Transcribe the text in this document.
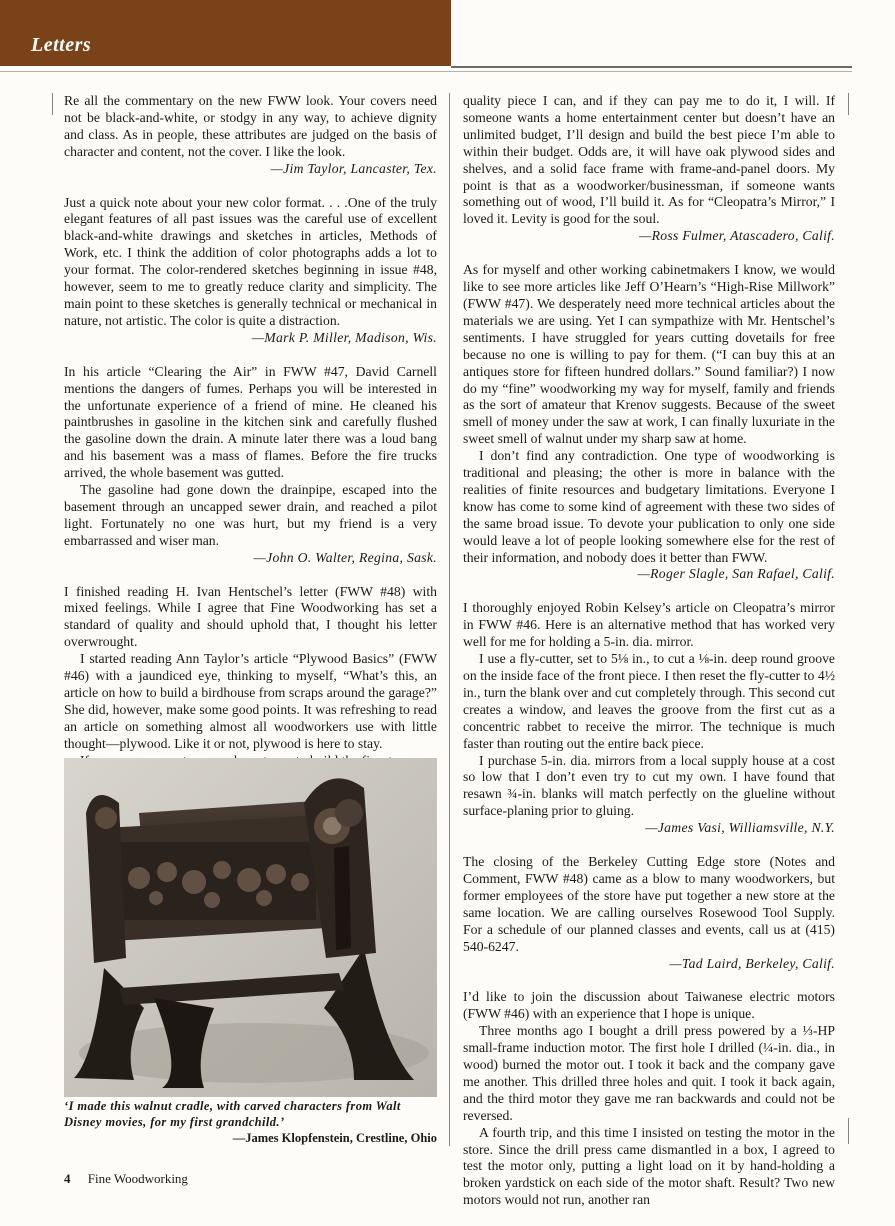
Letters

Re all the commentary on the new FWW look. Your covers need not be black-and-white, or stodgy in any way, to achieve dignity and class. As in people, these attributes are judged on the basis of character and content, not the cover. I like the look.

—Jim Taylor, Lancaster, Tex.

Just a quick note about your new color format. . . .One of the truly elegant features of all past issues was the careful use of excellent black-and-white drawings and sketches in articles, Methods of Work, etc. I think the addition of color photographs adds a lot to your format. The color-rendered sketches beginning in issue #48, however, seem to me to greatly reduce clarity and simplicity. The main point to these sketches is generally technical or mechanical in nature, not artistic. The color is quite a distraction.

—Mark P. Miller, Madison, Wis.

In his article “Clearing the Air” in FWW #47, David Carnell mentions the dangers of fumes. Perhaps you will be interested in the unfortunate experience of a friend of mine. He cleaned his paintbrushes in gasoline in the kitchen sink and carefully flushed the gasoline down the drain. A minute later there was a loud bang and his basement was a mass of flames. Before the fire trucks arrived, the whole basement was gutted.

The gasoline had gone down the drainpipe, escaped into the basement through an uncapped sewer drain, and reached a pilot light. Fortunately no one was hurt, but my friend is a very embarrassed and wiser man.

—John O. Walter, Regina, Sask.

I finished reading H. Ivan Hentschel’s letter (FWW #48) with mixed feelings. While I agree that Fine Woodworking has set a standard of quality and should uphold that, I thought his letter overwrought.

I started reading Ann Taylor’s article “Plywood Basics” (FWW #46) with a jaundiced eye, thinking to myself, “What’s this, an article on how to build a birdhouse from scraps around the garage?” She did, however, make some good points. It was refreshing to read an article on something almost all woodworkers use with little thought—plywood. Like it or not, plywood is here to stay.

‘I made this walnut cradle, with carved characters from Walt Disney movies, for my first grandchild.’
—James Klopfenstein, Crestline, Ohio

quality piece I can, and if they can pay me to do it, I will. If someone wants a home entertainment center but doesn’t have an unlimited budget, I’ll design and build the best piece I’m able to within their budget. Odds are, it will have oak plywood sides and shelves, and a solid face frame with frame-and-panel doors. My point is that as a woodworker/businessman, if someone wants something out of wood, I’ll build it. As for “Cleopatra’s Mirror,” I loved it. Levity is good for the soul.

—Ross Fulmer, Atascadero, Calif.

As for myself and other working cabinetmakers I know, we would like to see more articles like Jeff O’Hearn’s “High-Rise Millwork” (FWW #47). We desperately need more technical articles about the materials we are using. Yet I can sympathize with Mr. Hentschel’s sentiments. I have struggled for years cutting dovetails for free because no one is willing to pay for them. (“I can buy this at an antiques store for fifteen hundred dollars.” Sound familiar?) I now do my “fine” woodworking my way for myself, family and friends as the sort of amateur that Krenov suggests. Because of the sweet smell of money under the saw at work, I can finally luxuriate in the sweet smell of walnut under my sharp saw at home.

I don’t find any contradiction. One type of woodworking is traditional and pleasing; the other is more in balance with the realities of finite resources and budgetary limitations. Everyone I know has come to some kind of agreement with these two sides of the same broad issue. To devote your publication to only one side would leave a lot of people looking somewhere else for the rest of their information, and nobody does it better than FWW.

—Roger Slagle, San Rafael, Calif.

I thoroughly enjoyed Robin Kelsey’s article on Cleopatra’s mirror in FWW #46. Here is an alternative method that has worked very well for me for holding a 5-in. dia. mirror.

I use a fly-cutter, set to 5⅛ in., to cut a ⅛-in. deep round groove on the inside face of the front piece. I then reset the fly-cutter to 4½ in., turn the blank over and cut completely through. This second cut creates a window, and leaves the groove from the first cut as a concentric rabbet to receive the mirror. The technique is much faster than routing out the entire back piece.

I purchase 5-in. dia. mirrors from a local supply house at a cost so low that I don’t even try to cut my own. I have found that resawn ¾-in. blanks will match perfectly on the glueline without surface-planing prior to gluing.

—James Vasi, Williamsville, N.Y.

The closing of the Berkeley Cutting Edge store (Notes and Comment, FWW #48) came as a blow to many woodworkers, but former employees of the store have put together a new store at the same location. We are calling ourselves Rosewood Tool Supply. For a schedule of our planned classes and events, call us at (415) 540-6247.

—Tad Laird, Berkeley, Calif.

I’d like to join the discussion about Taiwanese electric motors (FWW #46) with an experience that I hope is unique.

Three months ago I bought a drill press powered by a ⅓-HP small-frame induction motor. The first hole I drilled (¼-in. dia., in wood) burned the motor out. I took it back and the company gave me another. This drilled three holes and quit. I took it back again, and the third motor they gave me ran backwards and could not be reversed.

A fourth trip, and this time I insisted on testing the motor in the store. Since the drill press came dismantled in a box, I agreed to test the motor only, putting a light load on it by hand-holding a broken yardstick on each side of the motor shaft. Result? Two new motors would not run, another ran

4 Fine Woodworking
